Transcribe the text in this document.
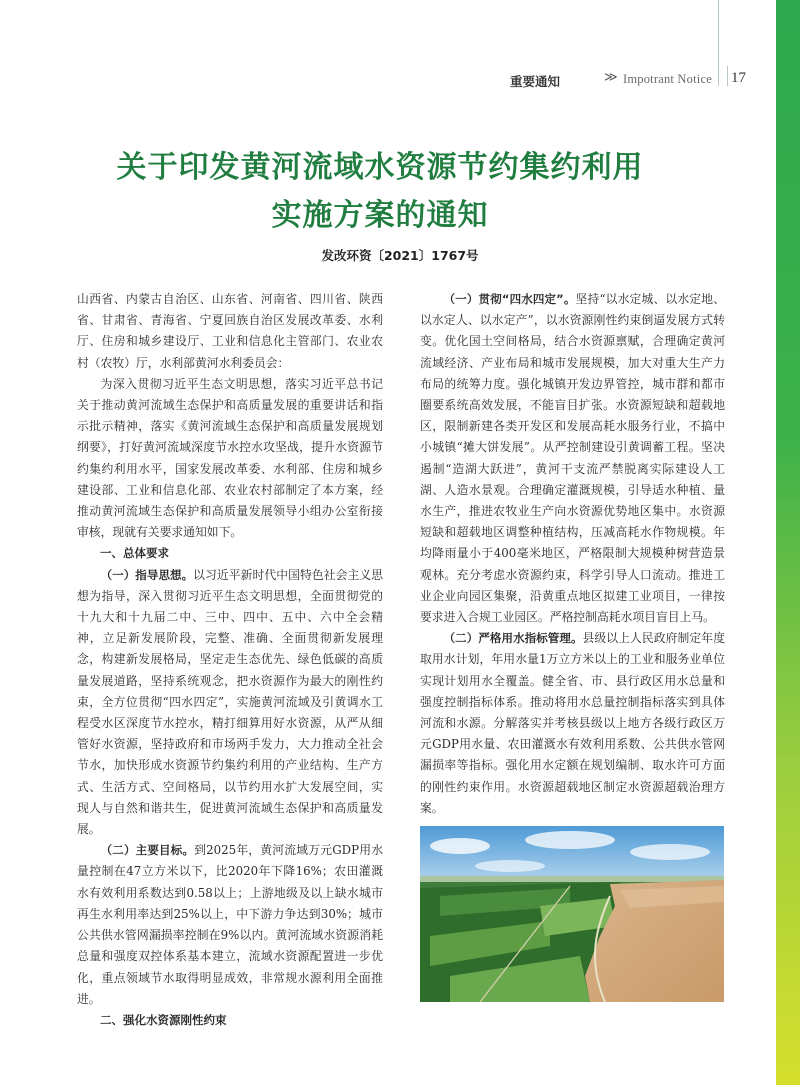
重要通知	≫ Impotrant Notice 17
关于印发黄河流域水资源节约集约利用
实施方案的通知
发改环资〔2021〕1767号

山西省、内蒙古自治区、山东省、河南省、四川省、陕西省、甘肃省、青海省、宁夏回族自治区发展改革委、水利厅、住房和城乡建设厅、工业和信息化主管部门、农业农村（农牧）厅，水利部黄河水利委员会：

为深入贯彻习近平生态文明思想，落实习近平总书记关于推动黄河流域生态保护和高质量发展的重要讲话和指示批示精神，落实《黄河流域生态保护和高质量发展规划纲要》，打好黄河流域深度节水控水攻坚战，提升水资源节约集约利用水平，国家发展改革委、水利部、住房和城乡建设部、工业和信息化部、农业农村部制定了本方案，经推动黄河流域生态保护和高质量发展领导小组办公室衔接审核，现就有关要求通知如下。

一、总体要求

（一）指导思想。以习近平新时代中国特色社会主义思想为指导，深入贯彻习近平生态文明思想，全面贯彻党的十九大和十九届二中、三中、四中、五中、六中全会精神，立足新发展阶段，完整、准确、全面贯彻新发展理念，构建新发展格局，坚定走生态优先、绿色低碳的高质量发展道路，坚持系统观念，把水资源作为最大的刚性约束，全方位贯彻“四水四定”，实施黄河流域及引黄调水工程受水区深度节水控水，精打细算用好水资源，从严从细管好水资源，坚持政府和市场两手发力，大力推动全社会节水，加快形成水资源节约集约利用的产业结构、生产方式、生活方式、空间格局，以节约用水扩大发展空间，实现人与自然和谐共生，促进黄河流域生态保护和高质量发展。

（二）主要目标。到2025年，黄河流域万元GDP用水量控制在47立方米以下，比2020年下降16%；农田灌溉水有效利用系数达到0.58以上；上游地级及以上缺水城市再生水利用率达到25%以上，中下游力争达到30%；城市公共供水管网漏损率控制在9%以内。黄河流域水资源消耗总量和强度双控体系基本建立，流域水资源配置进一步优化，重点领域节水取得明显成效，非常规水源利用全面推进。

二、强化水资源刚性约束

（一）贯彻“四水四定”。坚持“以水定城、以水定地、以水定人、以水定产”，以水资源刚性约束倒逼发展方式转变。优化国土空间格局，结合水资源禀赋，合理确定黄河流域经济、产业布局和城市发展规模，加大对重大生产力布局的统筹力度。强化城镇开发边界管控，城市群和都市圈要系统高效发展，不能盲目扩张。水资源短缺和超载地区，限制新建各类开发区和发展高耗水服务行业，不搞中小城镇“摊大饼发展”。从严控制建设引黄调蓄工程。坚决遏制“造湖大跃进”，黄河干支流严禁脱离实际建设人工湖、人造水景观。合理确定灌溉规模，引导适水种植、量水生产，推进农牧业生产向水资源优势地区集中。水资源短缺和超载地区调整种植结构，压减高耗水作物规模。年均降雨量小于400毫米地区，严格限制大规模种树营造景观林。充分考虑水资源约束，科学引导人口流动。推进工业企业向园区集聚，沿黄重点地区拟建工业项目，一律按要求进入合规工业园区。严格控制高耗水项目盲目上马。

（二）严格用水指标管理。县级以上人民政府制定年度取用水计划，年用水量1万立方米以上的工业和服务业单位实现计划用水全覆盖。健全省、市、县行政区用水总量和强度控制指标体系。推动将用水总量控制指标落实到具体河流和水源。分解落实并考核县级以上地方各级行政区万元GDP用水量、农田灌溉水有效利用系数、公共供水管网漏损率等指标。强化用水定额在规划编制、取水许可方面的刚性约束作用。水资源超载地区制定水资源超载治理方案。
